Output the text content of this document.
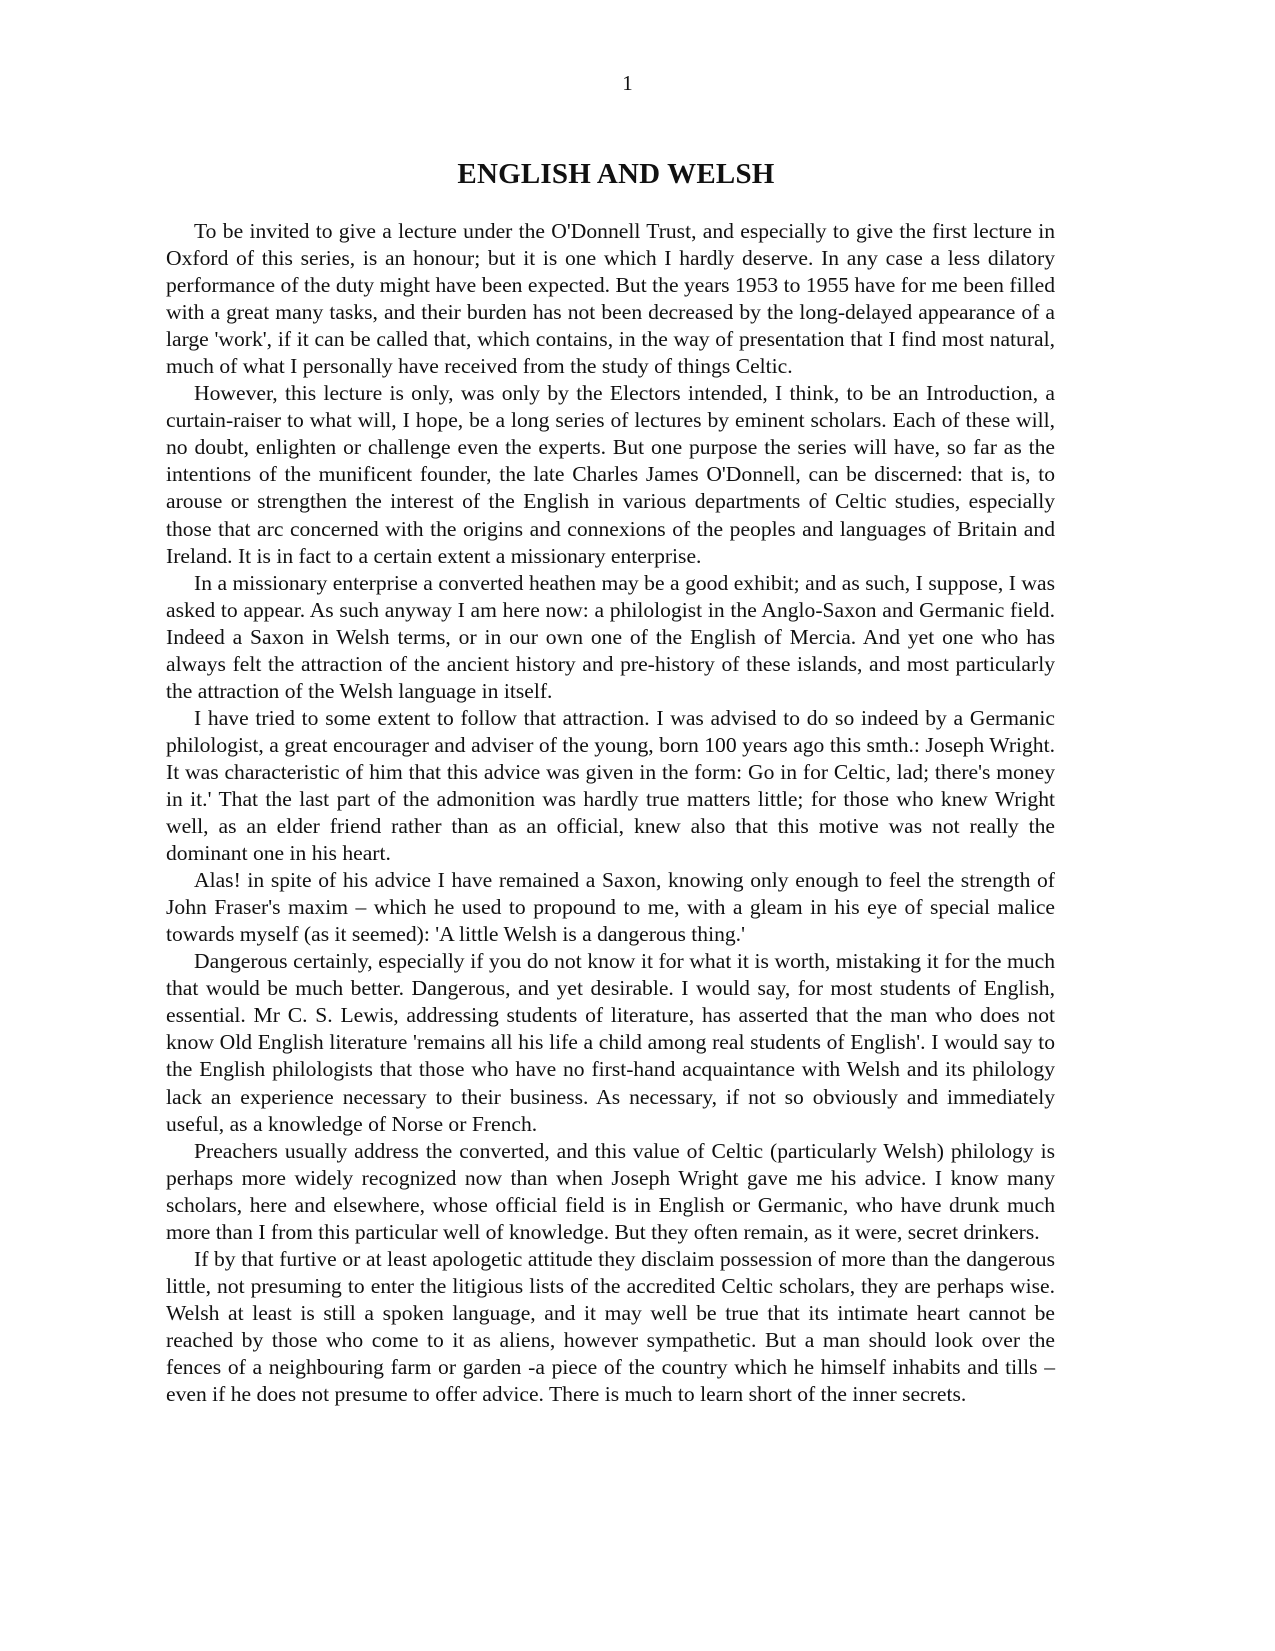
1
ENGLISH AND WELSH

To be invited to give a lecture under the O'Donnell Trust, and especially to give the first lecture in Oxford of this series, is an honour; but it is one which I hardly deserve. In any case a less dilatory performance of the duty might have been expected. But the years 1953 to 1955 have for me been filled with a great many tasks, and their burden has not been decreased by the long-delayed appearance of a large 'work', if it can be called that, which contains, in the way of presentation that I find most natural, much of what I personally have received from the study of things Celtic.

However, this lecture is only, was only by the Electors intended, I think, to be an Introduction, a curtain-raiser to what will, I hope, be a long series of lectures by eminent scholars. Each of these will, no doubt, enlighten or challenge even the experts. But one purpose the series will have, so far as the intentions of the munificent founder, the late Charles James O'Donnell, can be discerned: that is, to arouse or strengthen the interest of the English in various departments of Celtic studies, especially those that arc concerned with the origins and connexions of the peoples and languages of Britain and Ireland. It is in fact to a certain extent a missionary enterprise.

In a missionary enterprise a converted heathen may be a good exhibit; and as such, I suppose, I was asked to appear. As such anyway I am here now: a philologist in the Anglo-Saxon and Germanic field. Indeed a Saxon in Welsh terms, or in our own one of the English of Mercia. And yet one who has always felt the attraction of the ancient history and pre-history of these islands, and most particularly the attraction of the Welsh language in itself.

I have tried to some extent to follow that attraction. I was advised to do so indeed by a Germanic philologist, a great encourager and adviser of the young, born 100 years ago this smth.: Joseph Wright. It was characteristic of him that this advice was given in the form: Go in for Celtic, lad; there's money in it.' That the last part of the admonition was hardly true matters little; for those who knew Wright well, as an elder friend rather than as an official, knew also that this motive was not really the dominant one in his heart.

Alas! in spite of his advice I have remained a Saxon, knowing only enough to feel the strength of John Fraser's maxim – which he used to propound to me, with a gleam in his eye of special malice towards myself (as it seemed): 'A little Welsh is a dangerous thing.'

Dangerous certainly, especially if you do not know it for what it is worth, mistaking it for the much that would be much better. Dangerous, and yet desirable. I would say, for most students of English, essential. Mr C. S. Lewis, addressing students of literature, has asserted that the man who does not know Old English literature 'remains all his life a child among real students of English'. I would say to the English philologists that those who have no first-hand acquaintance with Welsh and its philology lack an experience necessary to their business. As necessary, if not so obviously and immediately useful, as a knowledge of Norse or French.

Preachers usually address the converted, and this value of Celtic (particularly Welsh) philology is perhaps more widely recognized now than when Joseph Wright gave me his advice. I know many scholars, here and elsewhere, whose official field is in English or Germanic, who have drunk much more than I from this particular well of knowledge. But they often remain, as it were, secret drinkers.

If by that furtive or at least apologetic attitude they disclaim possession of more than the dangerous little, not presuming to enter the litigious lists of the accredited Celtic scholars, they are perhaps wise. Welsh at least is still a spoken language, and it may well be true that its intimate heart cannot be reached by those who come to it as aliens, however sympathetic. But a man should look over the fences of a neighbouring farm or garden -a piece of the country which he himself inhabits and tills – even if he does not presume to offer advice. There is much to learn short of the inner secrets.
